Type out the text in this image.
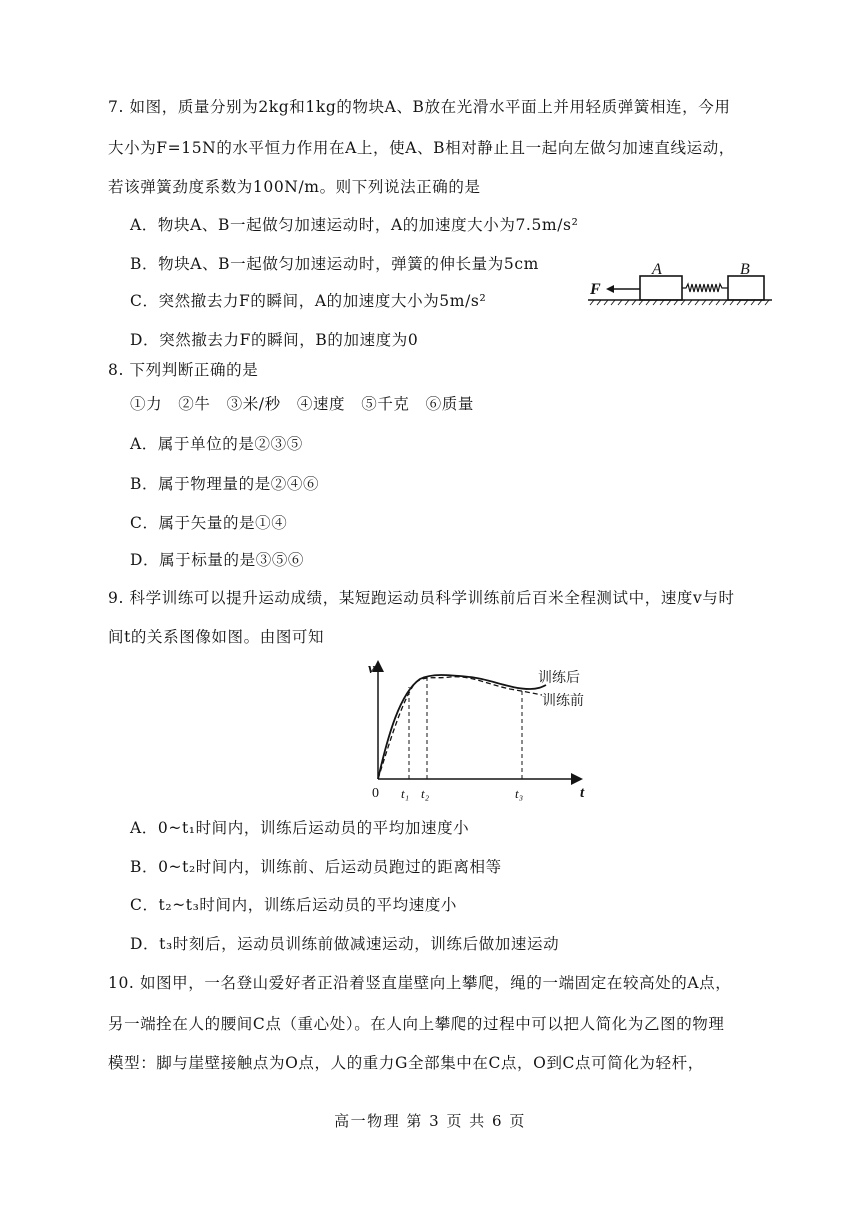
7. 如图，质量分别为2kg和1kg的物块A、B放在光滑水平面上并用轻质弹簧相连，今用
大小为F=15N的水平恒力作用在A上，使A、B相对静止且一起向左做匀加速直线运动，
若该弹簧劲度系数为100N/m。则下列说法正确的是
A．物块A、B一起做匀加速运动时，A的加速度大小为7.5m/s²
B．物块A、B一起做匀加速运动时，弹簧的伸长量为5cm
C．突然撤去力F的瞬间，A的加速度大小为5m/s²
D．突然撤去力F的瞬间，B的加速度为0
A	B
F
8. 下列判断正确的是
①力　②牛　③米/秒　④速度　⑤千克　⑥质量
A．属于单位的是②③⑤
B．属于物理量的是②④⑥
C．属于矢量的是①④
D．属于标量的是③⑤⑥
9. 科学训练可以提升运动成绩，某短跑运动员科学训练前后百米全程测试中，速度v与时
间t的关系图像如图。由图可知
v
t
0 t₁ t₂	t₃
训练后
训练前
A．0~t₁时间内，训练后运动员的平均加速度小
B．0~t₂时间内，训练前、后运动员跑过的距离相等
C．t₂~t₃时间内，训练后运动员的平均速度小
D．t₃时刻后，运动员训练前做减速运动，训练后做加速运动
10. 如图甲，一名登山爱好者正沿着竖直崖壁向上攀爬，绳的一端固定在较高处的A点，
另一端拴在人的腰间C点（重心处）。在人向上攀爬的过程中可以把人简化为乙图的物理
模型：脚与崖壁接触点为O点，人的重力G全部集中在C点，O到C点可简化为轻杆，
高一物理 第 3 页 共 6 页
